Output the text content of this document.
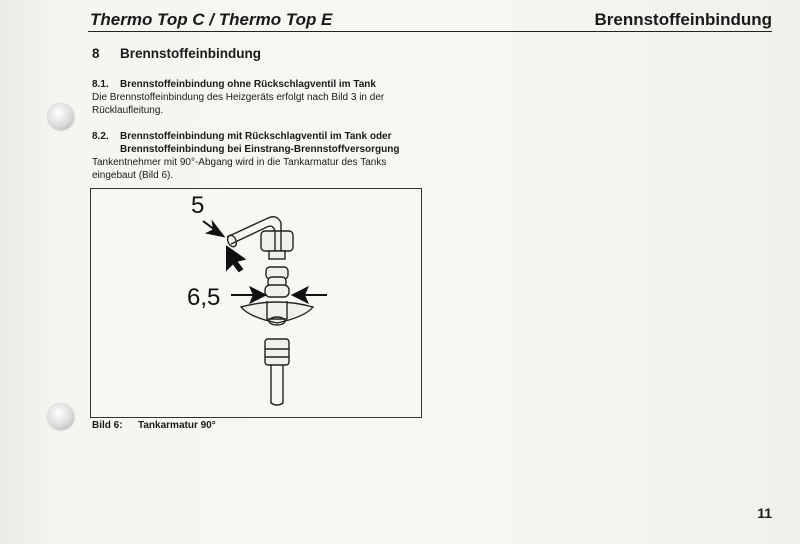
Thermo Top C / Thermo Top E	Brennstoffeinbindung
8 Brennstoffeinbindung
8.1.	Brennstoffeinbindung ohne Rückschlagventil im Tank
Die Brennstoffeinbindung des Heizgeräts erfolgt nach Bild 3 in der Rücklaufleitung.
8.2.	Brennstoffeinbindung mit Rückschlagventil im Tank oder Brennstoffeinbindung bei Einstrang-Brennstoffversorgung
Tankentnehmer mit 90°-Abgang wird in die Tankarmatur des Tanks eingebaut (Bild 6).
5
6,5
Bild 6: Tankarmatur 90°
11
